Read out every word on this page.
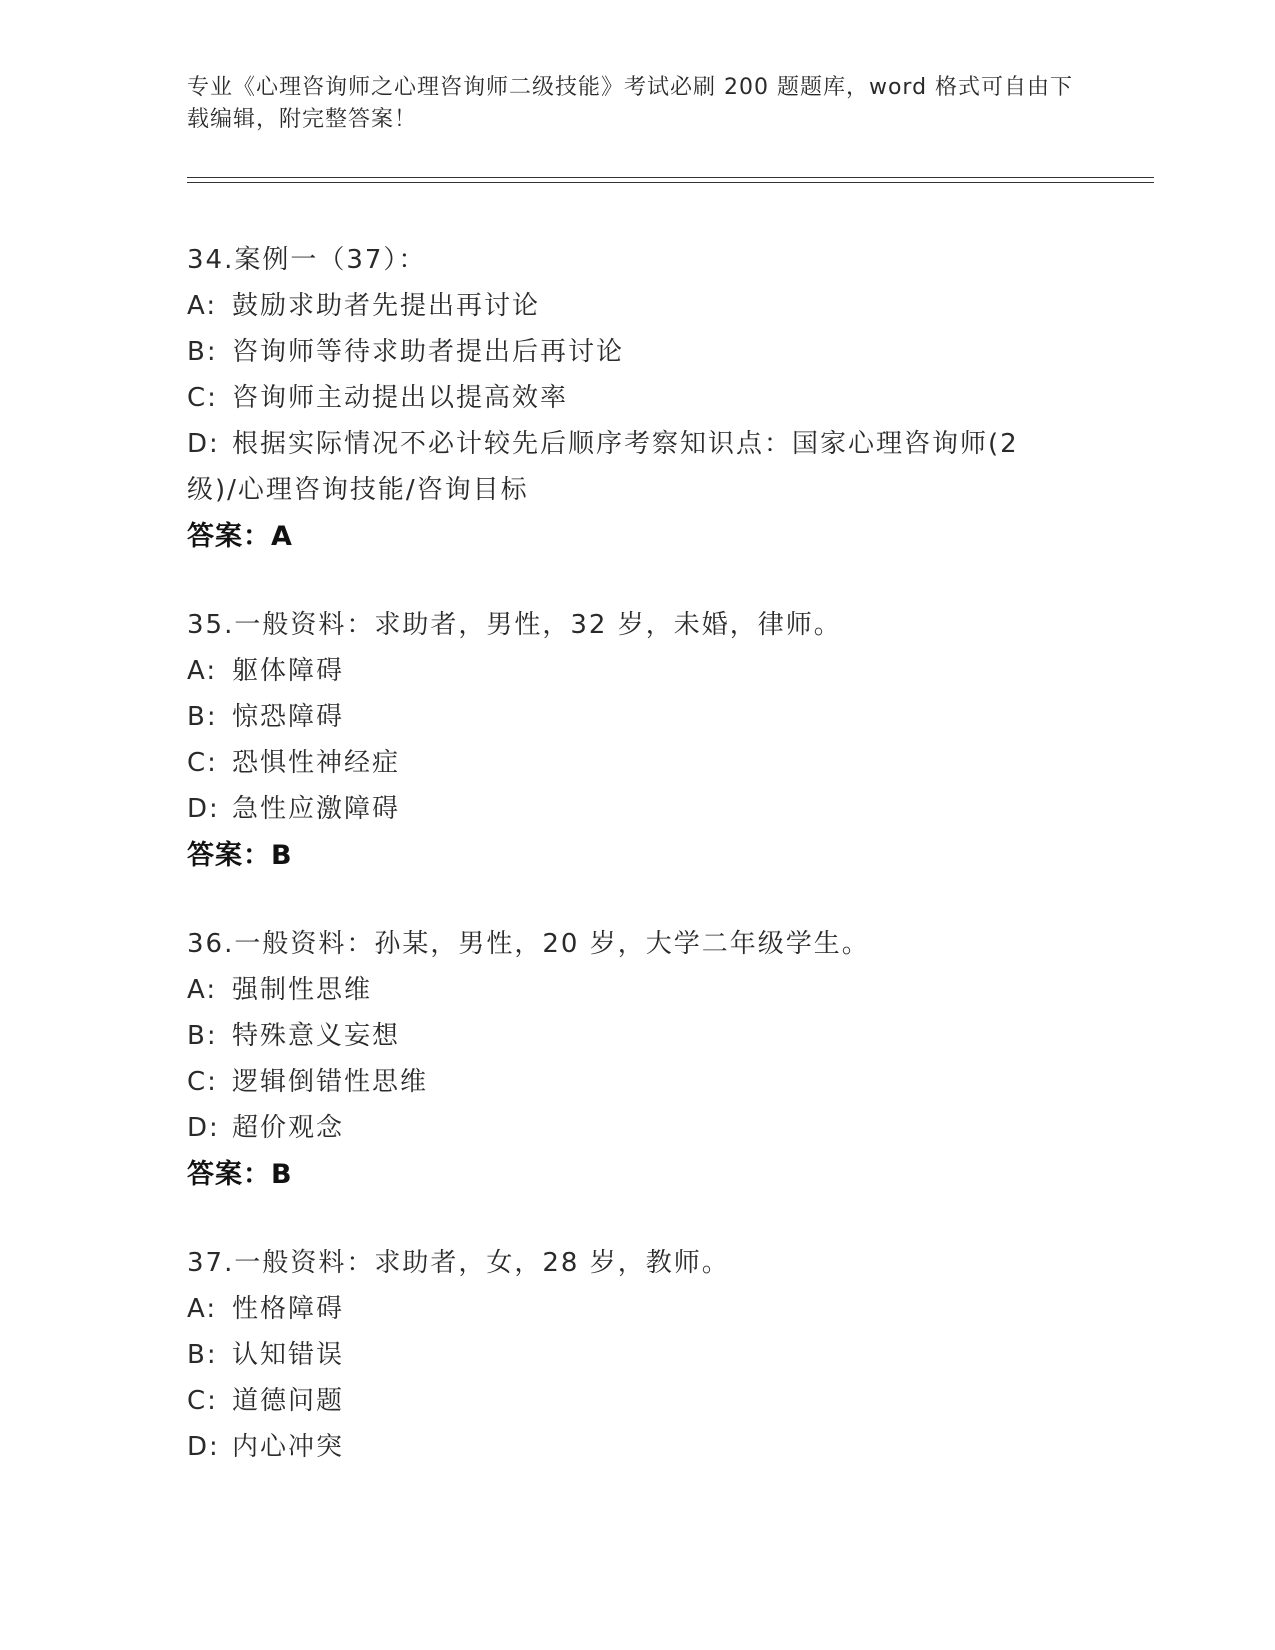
专业《心理咨询师之心理咨询师二级技能》考试必刷 200 题题库，word 格式可自由下载编辑，附完整答案！
34.案例一（37）：
A: 鼓励求助者先提出再讨论
B: 咨询师等待求助者提出后再讨论
C: 咨询师主动提出以提高效率
D: 根据实际情况不必计较先后顺序考察知识点：国家心理咨询师(2 级)/心理咨询技能/咨询目标
答案：A
35.一般资料：求助者，男性，32 岁，未婚，律师。
A: 躯体障碍
B: 惊恐障碍
C: 恐惧性神经症
D: 急性应激障碍
答案：B
36.一般资料：孙某，男性，20 岁，大学二年级学生。
A: 强制性思维
B: 特殊意义妄想
C: 逻辑倒错性思维
D: 超价观念
答案：B
37.一般资料：求助者，女，28 岁，教师。
A: 性格障碍
B: 认知错误
C: 道德问题
D: 内心冲突
